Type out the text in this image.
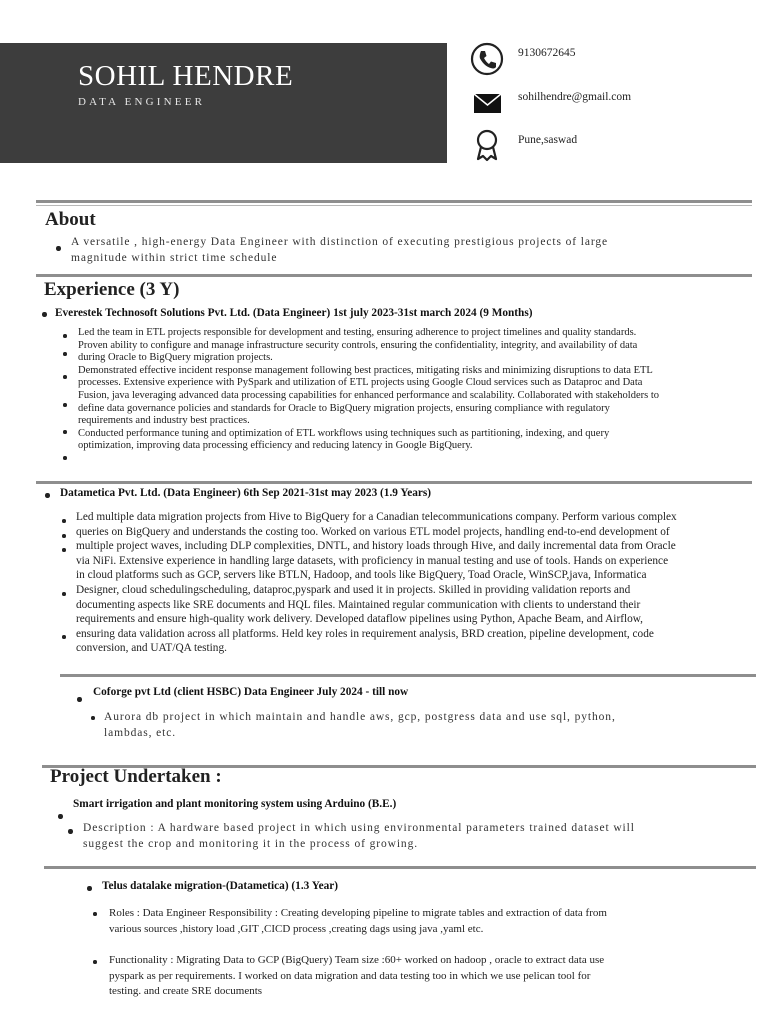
SOHIL HENDRE
DATA ENGINEER
9130672645
sohilhendre@gmail.com
Pune,saswad
About
A versatile , high-energy Data Engineer with distinction of executing prestigious projects of large
magnitude within strict time schedule
Experience (3 Y)
Everestek Technosoft Solutions Pvt. Ltd. (Data Engineer) 1st july 2023-31st march 2024 (9 Months)
Led the team in ETL projects responsible for development and testing, ensuring adherence to project timelines and quality standards.
Proven ability to configure and manage infrastructure security controls, ensuring the confidentiality, integrity, and availability of data
during Oracle to BigQuery migration projects.
Demonstrated effective incident response management following best practices, mitigating risks and minimizing disruptions to data ETL
processes. Extensive experience with PySpark and utilization of ETL projects using Google Cloud services such as Dataproc and Data
Fusion, java leveraging advanced data processing capabilities for enhanced performance and scalability. Collaborated with stakeholders to
define data governance policies and standards for Oracle to BigQuery migration projects, ensuring compliance with regulatory
requirements and industry best practices.
Conducted performance tuning and optimization of ETL workflows using techniques such as partitioning, indexing, and query
optimization, improving data processing efficiency and reducing latency in Google BigQuery.
Datametica Pvt. Ltd. (Data Engineer) 6th Sep 2021-31st may 2023 (1.9 Years)
Led multiple data migration projects from Hive to BigQuery for a Canadian telecommunications company. Perform various complex
queries on BigQuery and understands the costing too. Worked on various ETL model projects, handling end-to-end development of
multiple project waves, including DLP complexities, DNTL, and history loads through Hive, and daily incremental data from Oracle
via NiFi. Extensive experience in handling large datasets, with proficiency in manual testing and use of tools. Hands on experience
in cloud platforms such as GCP, servers like BTLN, Hadoop, and tools like BigQuery, Toad Oracle, WinSCP,java, Informatica
Designer, cloud schedulingscheduling, dataproc,pyspark and used it in projects. Skilled in providing validation reports and
documenting aspects like SRE documents and HQL files. Maintained regular communication with clients to understand their
requirements and ensure high-quality work delivery. Developed dataflow pipelines using Python, Apache Beam, and Airflow,
ensuring data validation across all platforms. Held key roles in requirement analysis, BRD creation, pipeline development, code
conversion, and UAT/QA testing.
Coforge pvt Ltd (client HSBC) Data Engineer July 2024 - till now
Aurora db project in which maintain and handle aws, gcp, postgress data and use sql, python,
lambdas, etc.
Project Undertaken :
Smart irrigation and plant monitoring system using Arduino (B.E.)
Description : A hardware based project in which using environmental parameters trained dataset will
suggest the crop and monitoring it in the process of growing.
Telus datalake migration-(Datametica) (1.3 Year)
Roles : Data Engineer Responsibility : Creating developing pipeline to migrate tables and extraction of data from
various sources ,history load ,GIT ,CICD process ,creating dags using java ,yaml etc.
Functionality : Migrating Data to GCP (BigQuery) Team size :60+ worked on hadoop , oracle to extract data use
pyspark as per requirements. I worked on data migration and data testing too in which we use pelican tool for
testing. and create SRE documents
